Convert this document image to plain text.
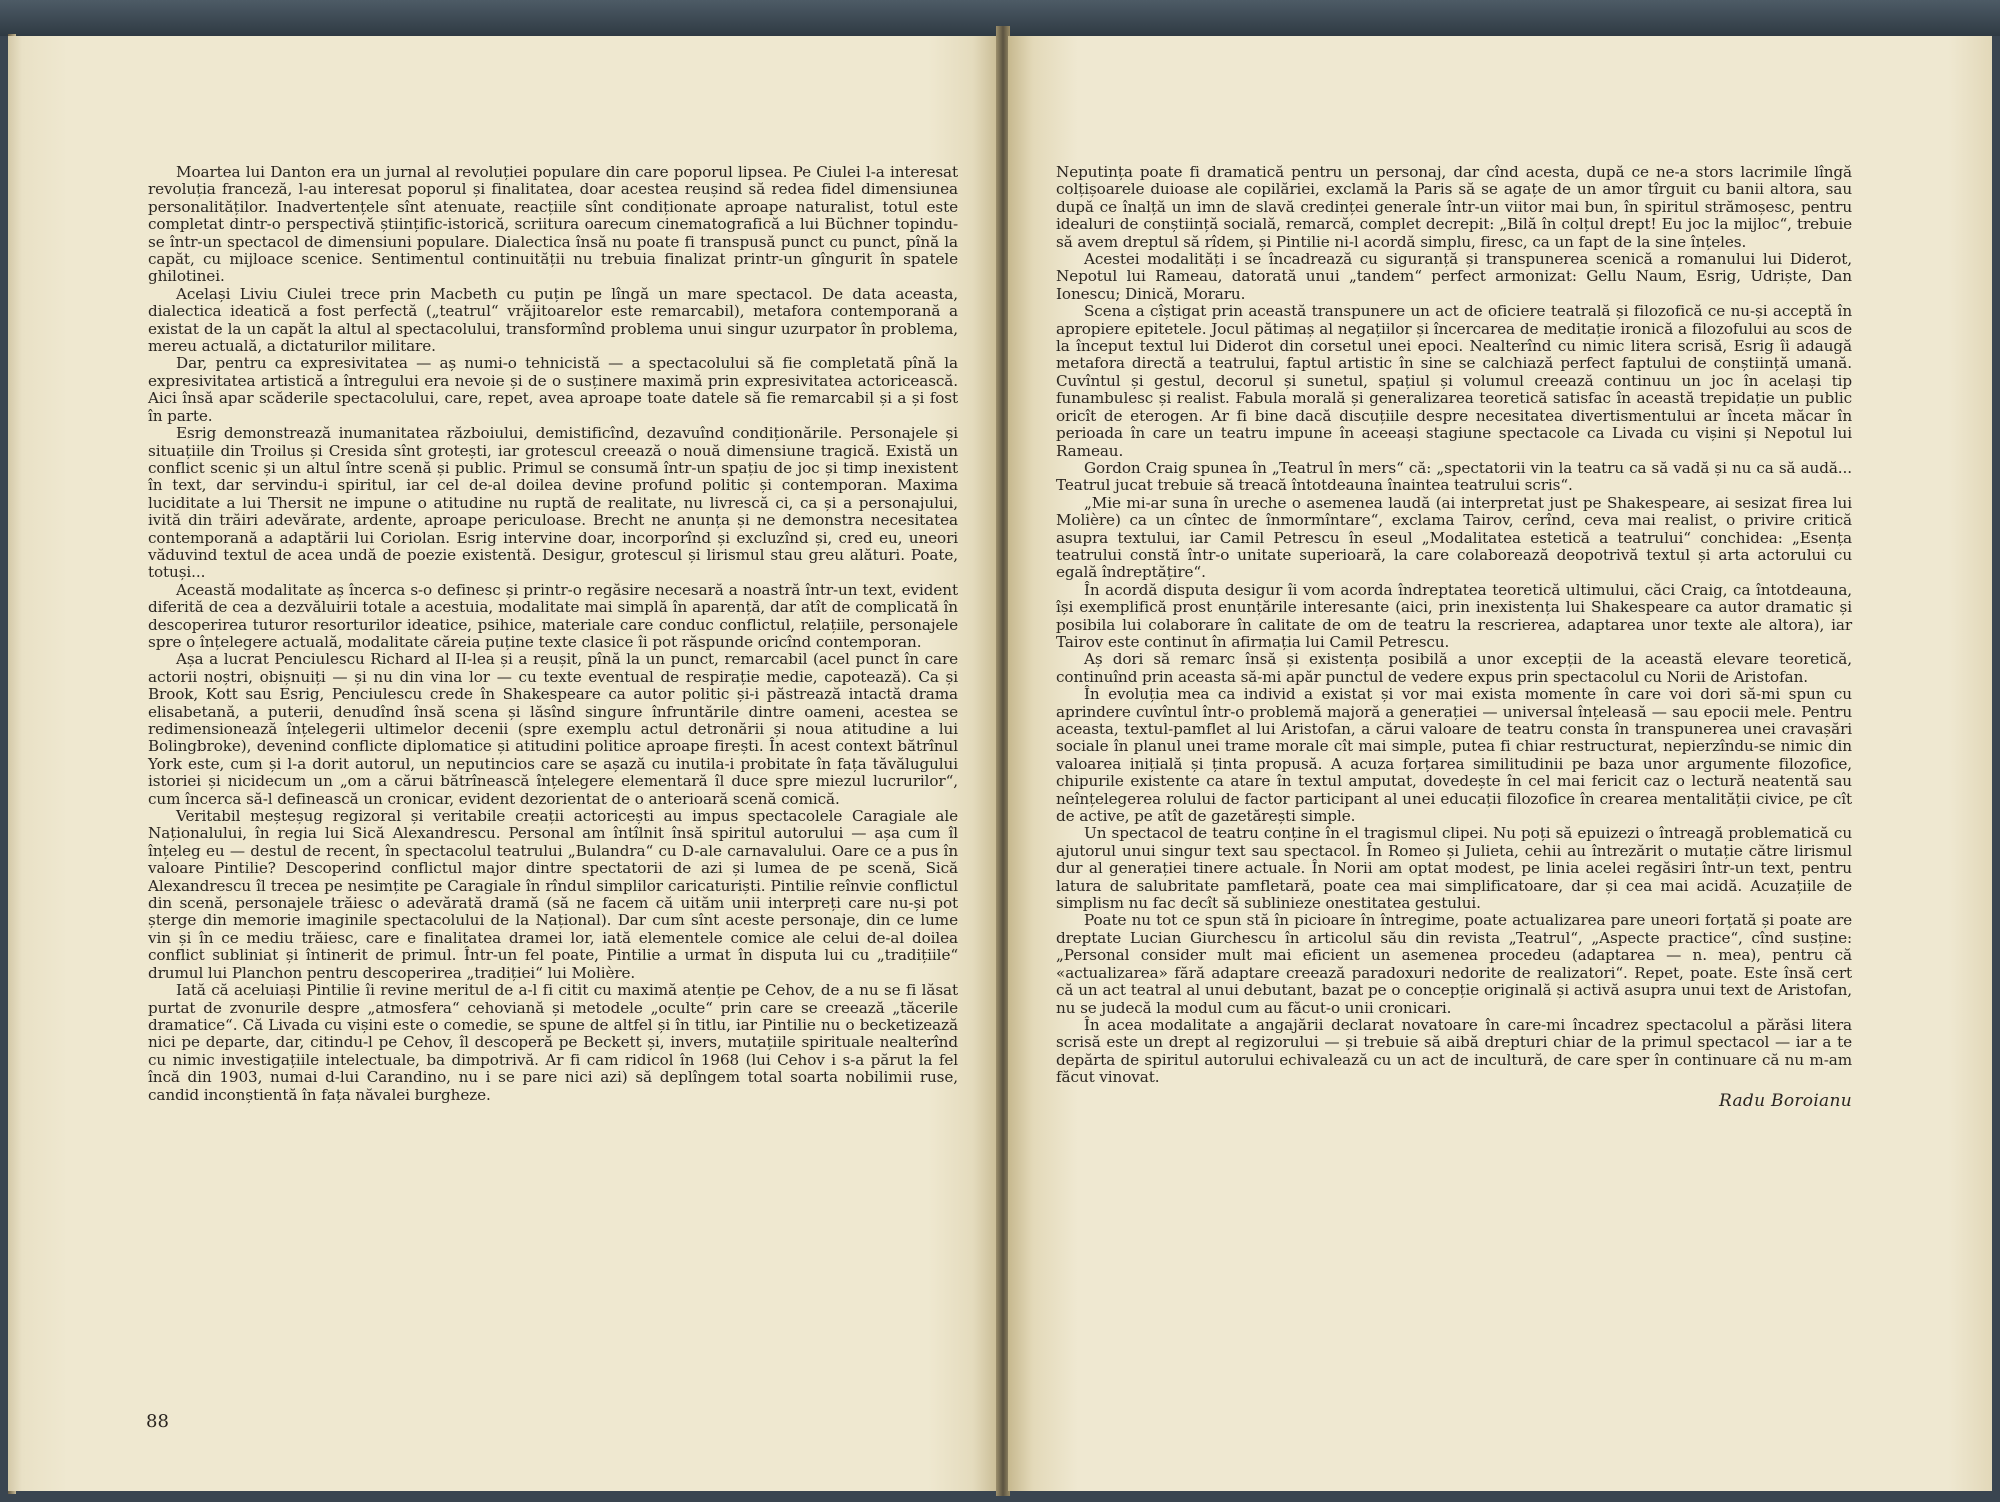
Moartea lui Danton era un jurnal al revoluției populare din care poporul lipsea. Pe Ciulei l-a interesat revoluția franceză, l-au interesat poporul și finalitatea, doar acestea reușind să redea fidel dimensiunea personalităților. Inadvertențele sînt atenuate, reacțiile sînt condiționate aproape naturalist, totul este completat dintr-o perspectivă științific-istorică, scriitura oarecum cinematografică a lui Büchner topindu-se într-un spectacol de dimensiuni populare. Dialectica însă nu poate fi transpusă punct cu punct, pînă la capăt, cu mijloace scenice. Sentimentul continuității nu trebuia finalizat printr-un gîngurit în spatele ghilotinei.

Același Liviu Ciulei trece prin Macbeth cu puțin pe lîngă un mare spectacol. De data aceasta, dialectica ideatică a fost perfectă („teatrul“ vrăjitoarelor este remarcabil), metafora contemporană a existat de la un capăt la altul al spectacolului, transformînd problema unui singur uzurpator în problema, mereu actuală, a dictaturilor militare.

Dar, pentru ca expresivitatea — aș numi-o tehnicistă — a spectacolului să fie completată pînă la expresivitatea artistică a întregului era nevoie și de o susținere maximă prin expresivitatea actoricească. Aici însă apar scăderile spectacolului, care, repet, avea aproape toate datele să fie remarcabil și a și fost în parte.

Esrig demonstrează inumanitatea războiului, demistificînd, dezavuînd condiționările. Personajele și situațiile din Troilus și Cresida sînt grotești, iar grotescul creează o nouă dimensiune tragică. Există un conflict scenic și un altul între scenă și public. Primul se consumă într-un spațiu de joc și timp inexistent în text, dar servindu-i spiritul, iar cel de-al doilea devine profund politic și contemporan. Maxima luciditate a lui Thersit ne impune o atitudine nu ruptă de realitate, nu livrescă ci, ca și a personajului, ivită din trăiri adevărate, ardente, aproape periculoase. Brecht ne anunța și ne demonstra necesitatea contemporană a adaptării lui Coriolan. Esrig intervine doar, incorporînd și excluzînd și, cred eu, uneori văduvind textul de acea undă de poezie existentă. Desigur, grotescul și lirismul stau greu alături. Poate, totuși...

Această modalitate aș încerca s-o definesc și printr-o regăsire necesară a noastră într-un text, evident diferită de cea a dezvăluirii totale a acestuia, modalitate mai simplă în aparență, dar atît de complicată în descoperirea tuturor resorturilor ideatice, psihice, materiale care conduc conflictul, relațiile, personajele spre o înțelegere actuală, modalitate căreia puține texte clasice îi pot răspunde oricînd contemporan.

Așa a lucrat Penciulescu Richard al II-lea și a reușit, pînă la un punct, remarcabil (acel punct în care actorii noștri, obișnuiți — și nu din vina lor — cu texte eventual de respirație medie, capotează). Ca și Brook, Kott sau Esrig, Penciulescu crede în Shakespeare ca autor politic și-i păstrează intactă drama elisabetană, a puterii, denudînd însă scena și lăsînd singure înfruntările dintre oameni, acestea se redimensionează înțelegerii ultimelor decenii (spre exemplu actul detronării și noua atitudine a lui Bolingbroke), devenind conflicte diplomatice și atitudini politice aproape firești. În acest context bătrînul York este, cum și l-a dorit autorul, un neputincios care se așază cu inutila-i probitate în fața tăvălugului istoriei și nicidecum un „om a cărui bătrînească înțelegere elementară îl duce spre miezul lucrurilor“, cum încerca să-l definească un cronicar, evident dezorientat de o anterioară scenă comică.

Veritabil meșteșug regizoral și veritabile creații actoricești au impus spectacolele Caragiale ale Naționalului, în regia lui Sică Alexandrescu. Personal am întîlnit însă spiritul autorului — așa cum îl înțeleg eu — destul de recent, în spectacolul teatrului „Bulandra“ cu D-ale carnavalului. Oare ce a pus în valoare Pintilie? Descoperind conflictul major dintre spectatorii de azi și lumea de pe scenă, Sică Alexandrescu îl trecea pe nesimțite pe Caragiale în rîndul simplilor caricaturiști. Pintilie reînvie conflictul din scenă, personajele trăiesc o adevărată dramă (să ne facem că uităm unii interpreți care nu-și pot șterge din memorie imaginile spectacolului de la Național). Dar cum sînt aceste personaje, din ce lume vin și în ce mediu trăiesc, care e finalitatea dramei lor, iată elementele comice ale celui de-al doilea conflict subliniat și întinerit de primul. Într-un fel poate, Pintilie a urmat în disputa lui cu „tradițiile“ drumul lui Planchon pentru descoperirea „tradiției“ lui Molière.

Iată că aceluiași Pintilie îi revine meritul de a-l fi citit cu maximă atenție pe Cehov, de a nu se fi lăsat purtat de zvonurile despre „atmosfera“ cehoviană și metodele „oculte“ prin care se creează „tăcerile dramatice“. Că Livada cu vișini este o comedie, se spune de altfel și în titlu, iar Pintilie nu o becketizează nici pe departe, dar, citindu-l pe Cehov, îl descoperă pe Beckett și, invers, mutațiile spirituale nealterînd cu nimic investigațiile intelectuale, ba dimpotrivă. Ar fi cam ridicol în 1968 (lui Cehov i s-a părut la fel încă din 1903, numai d-lui Carandino, nu i se pare nici azi) să deplîngem total soarta nobilimii ruse, candid inconștientă în fața năvalei burgheze.

Neputința poate fi dramatică pentru un personaj, dar cînd acesta, după ce ne-a stors lacrimile lîngă colțișoarele duioase ale copilăriei, exclamă la Paris să se agațe de un amor tîrguit cu banii altora, sau după ce înalță un imn de slavă credinței generale într-un viitor mai bun, în spiritul strămoșesc, pentru idealuri de conștiință socială, remarcă, complet decrepit: „Bilă în colțul drept! Eu joc la mijloc“, trebuie să avem dreptul să rîdem, și Pintilie ni-l acordă simplu, firesc, ca un fapt de la sine înțeles.

Acestei modalități i se încadrează cu siguranță și transpunerea scenică a romanului lui Diderot, Nepotul lui Rameau, datorată unui „tandem“ perfect armonizat: Gellu Naum, Esrig, Udriște, Dan Ionescu; Dinică, Moraru.

Scena a cîștigat prin această transpunere un act de oficiere teatrală și filozofică ce nu-și acceptă în apropiere epitetele. Jocul pătimaș al negațiilor și încercarea de meditație ironică a filozofului au scos de la început textul lui Diderot din corsetul unei epoci. Nealterînd cu nimic litera scrisă, Esrig îi adaugă metafora directă a teatrului, faptul artistic în sine se calchiază perfect faptului de conștiință umană. Cuvîntul și gestul, decorul și sunetul, spațiul și volumul creează continuu un joc în același tip funambulesc și realist. Fabula morală și generalizarea teoretică satisfac în această trepidație un public oricît de eterogen. Ar fi bine dacă discuțiile despre necesitatea divertismentului ar înceta măcar în perioada în care un teatru impune în aceeași stagiune spectacole ca Livada cu vișini și Nepotul lui Rameau.

Gordon Craig spunea în „Teatrul în mers“ că: „spectatorii vin la teatru ca să vadă și nu ca să audă... Teatrul jucat trebuie să treacă întotdeauna înaintea teatrului scris“.

„Mie mi-ar suna în ureche o asemenea laudă (ai interpretat just pe Shakespeare, ai sesizat firea lui Molière) ca un cîntec de înmormîntare“, exclama Tairov, cerînd, ceva mai realist, o privire critică asupra textului, iar Camil Petrescu în eseul „Modalitatea estetică a teatrului“ conchidea: „Esența teatrului constă într-o unitate superioară, la care colaborează deopotrivă textul și arta actorului cu egală îndreptățire“.

În acordă disputa desigur îi vom acorda îndreptatea teoretică ultimului, căci Craig, ca întotdeauna, își exemplifică prost enunțările interesante (aici, prin inexistența lui Shakespeare ca autor dramatic și posibila lui colaborare în calitate de om de teatru la rescrierea, adaptarea unor texte ale altora), iar Tairov este continut în afirmația lui Camil Petrescu.

Aș dori să remarc însă și existența posibilă a unor excepții de la această elevare teoretică, continuînd prin aceasta să-mi apăr punctul de vedere expus prin spectacolul cu Norii de Aristofan.

În evoluția mea ca individ a existat și vor mai exista momente în care voi dori să-mi spun cu aprindere cuvîntul într-o problemă majoră a generației — universal înțeleasă — sau epocii mele. Pentru aceasta, textul-pamflet al lui Aristofan, a cărui valoare de teatru consta în transpunerea unei cravașări sociale în planul unei trame morale cît mai simple, putea fi chiar restructurat, nepierzîndu-se nimic din valoarea inițială și ținta propusă. A acuza forțarea similitudinii pe baza unor argumente filozofice, chipurile existente ca atare în textul amputat, dovedește în cel mai fericit caz o lectură neatentă sau neînțelegerea rolului de factor participant al unei educații filozofice în crearea mentalității civice, pe cît de active, pe atît de gazetărești simple.

Un spectacol de teatru conține în el tragismul clipei. Nu poți să epuizezi o întreagă problematică cu ajutorul unui singur text sau spectacol. În Romeo și Julieta, cehii au întrezărit o mutație către lirismul dur al generației tinere actuale. În Norii am optat modest, pe linia acelei regăsiri într-un text, pentru latura de salubritate pamfletară, poate cea mai simplificatoare, dar și cea mai acidă. Acuzațiile de simplism nu fac decît să sublinieze onestitatea gestului.

Poate nu tot ce spun stă în picioare în întregime, poate actualizarea pare uneori forțată și poate are dreptate Lucian Giurchescu în articolul său din revista „Teatrul“, „Aspecte practice“, cînd susține: „Personal consider mult mai eficient un asemenea procedeu (adaptarea — n. mea), pentru că «actualizarea» fără adaptare creează paradoxuri nedorite de realizatori“. Repet, poate. Este însă cert că un act teatral al unui debutant, bazat pe o concepție originală și activă asupra unui text de Aristofan, nu se judecă la modul cum au făcut-o unii cronicari.

În acea modalitate a angajării declarat novatoare în care-mi încadrez spectacolul a părăsi litera scrisă este un drept al regizorului — și trebuie să aibă drepturi chiar de la primul spectacol — iar a te depărta de spiritul autorului echivalează cu un act de incultură, de care sper în continuare că nu m-am făcut vinovat.

Radu Boroianu
88
